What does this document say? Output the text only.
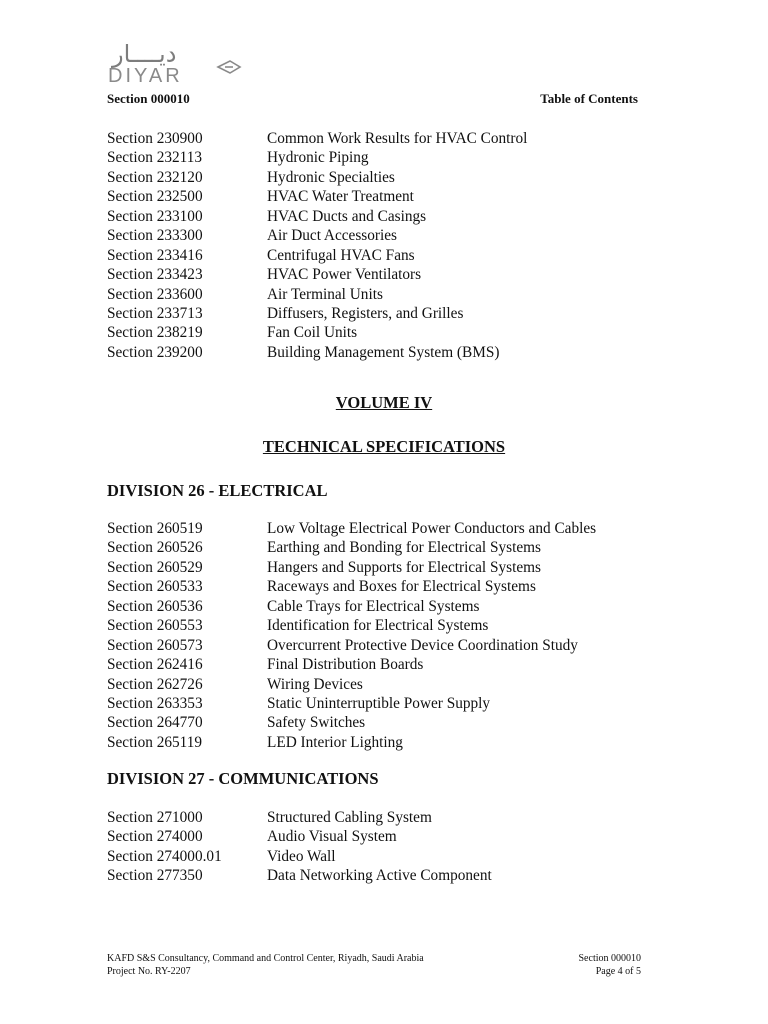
ديــــار
DIYAR
Section 000010	Table of Contents
Section 230900	Common Work Results for HVAC Control
Section 232113	Hydronic Piping
Section 232120	Hydronic Specialties
Section 232500	HVAC Water Treatment
Section 233100	HVAC Ducts and Casings
Section 233300	Air Duct Accessories
Section 233416	Centrifugal HVAC Fans
Section 233423	HVAC Power Ventilators
Section 233600	Air Terminal Units
Section 233713	Diffusers, Registers, and Grilles
Section 238219	Fan Coil Units
Section 239200	Building Management System (BMS)
VOLUME IV
TECHNICAL SPECIFICATIONS
DIVISION 26 - ELECTRICAL
Section 260519	Low Voltage Electrical Power Conductors and Cables
Section 260526	Earthing and Bonding for Electrical Systems
Section 260529	Hangers and Supports for Electrical Systems
Section 260533	Raceways and Boxes for Electrical Systems
Section 260536	Cable Trays for Electrical Systems
Section 260553	Identification for Electrical Systems
Section 260573	Overcurrent Protective Device Coordination Study
Section 262416	Final Distribution Boards
Section 262726	Wiring Devices
Section 263353	Static Uninterruptible Power Supply
Section 264770	Safety Switches
Section 265119	LED Interior Lighting
DIVISION 27 - COMMUNICATIONS
Section 271000	Structured Cabling System
Section 274000	Audio Visual System
Section 274000.01	Video Wall
Section 277350	Data Networking Active Component
KAFD S&S Consultancy, Command and Control Center, Riyadh, Saudi Arabia
Project No. RY-2207
Section 000010
Page 4 of 5
